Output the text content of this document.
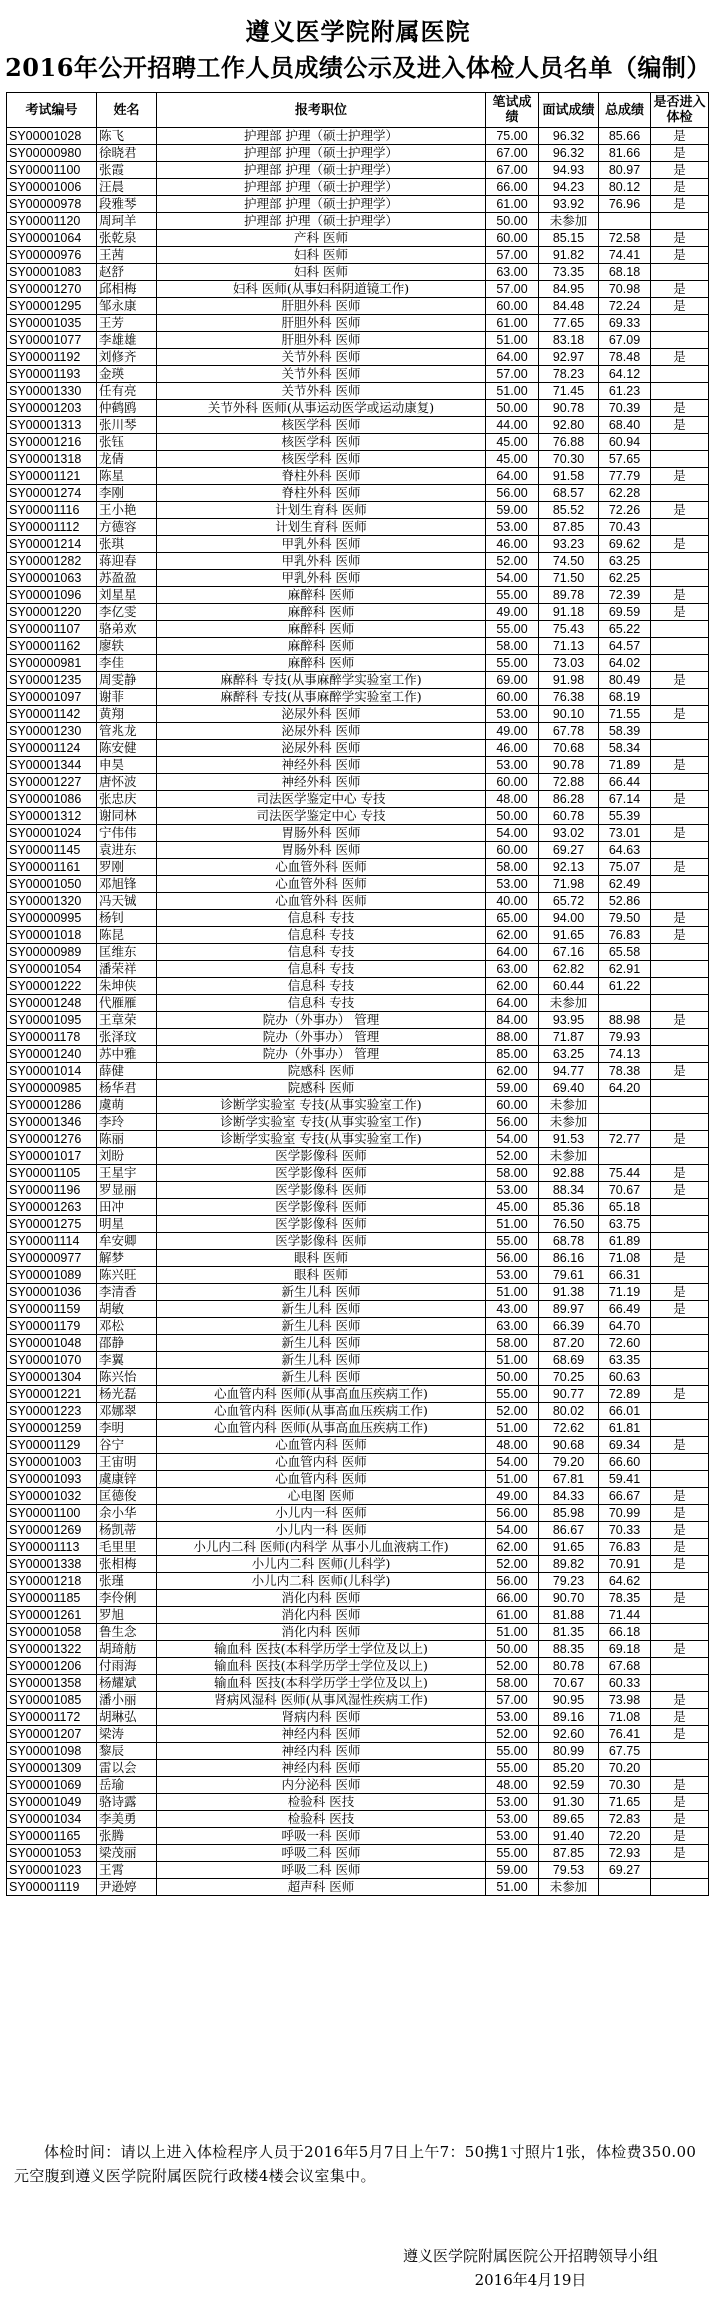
遵义医学院附属医院
2016年公开招聘工作人员成绩公示及进入体检人员名单（编制）
考试编号	姓名	报考职位	笔试成绩	面试成绩	总成绩	是否进入体检
SY00001028	陈飞	护理部 护理（硕士护理学）	75.00	96.32	85.66	是
SY00000980	徐晓君	护理部 护理（硕士护理学）	67.00	96.32	81.66	是
SY00001100	张霞	护理部 护理（硕士护理学）	67.00	94.93	80.97	是
SY00001006	汪晨	护理部 护理（硕士护理学）	66.00	94.23	80.12	是
SY00000978	段雅琴	护理部 护理（硕士护理学）	61.00	93.92	76.96	是
SY00001120	周珂羊	护理部 护理（硕士护理学）	50.00	未参加		
SY00001064	张乾泉	产科 医师	60.00	85.15	72.58	是
SY00000976	王茜	妇科 医师	57.00	91.82	74.41	是
SY00001083	赵舒	妇科 医师	63.00	73.35	68.18	
SY00001270	邱相梅	妇科 医师(从事妇科阴道镜工作)	57.00	84.95	70.98	是
SY00001295	邹永康	肝胆外科 医师	60.00	84.48	72.24	是
SY00001035	王芳	肝胆外科 医师	61.00	77.65	69.33	
SY00001077	李雄雄	肝胆外科 医师	51.00	83.18	67.09	
SY00001192	刘修齐	关节外科 医师	64.00	92.97	78.48	是
SY00001193	金瑛	关节外科 医师	57.00	78.23	64.12	
SY00001330	任有亮	关节外科 医师	51.00	71.45	61.23	
SY00001203	仲鹤鸥	关节外科 医师(从事运动医学或运动康复)	50.00	90.78	70.39	是
SY00001313	张川琴	核医学科 医师	44.00	92.80	68.40	是
SY00001216	张钰	核医学科 医师	45.00	76.88	60.94	
SY00001318	龙倩	核医学科 医师	45.00	70.30	57.65	
SY00001121	陈星	脊柱外科 医师	64.00	91.58	77.79	是
SY00001274	李刚	脊柱外科 医师	56.00	68.57	62.28	
SY00001116	王小艳	计划生育科 医师	59.00	85.52	72.26	是
SY00001112	方德容	计划生育科 医师	53.00	87.85	70.43	
SY00001214	张琪	甲乳外科 医师	46.00	93.23	69.62	是
SY00001282	蒋迎春	甲乳外科 医师	52.00	74.50	63.25	
SY00001063	苏盈盈	甲乳外科 医师	54.00	71.50	62.25	
SY00001096	刘星星	麻醉科 医师	55.00	89.78	72.39	是
SY00001220	李亿雯	麻醉科 医师	49.00	91.18	69.59	是
SY00001107	骆弟欢	麻醉科 医师	55.00	75.43	65.22	
SY00001162	廖轶	麻醉科 医师	58.00	71.13	64.57	
SY00000981	李佳	麻醉科 医师	55.00	73.03	64.02	
SY00001235	周雯静	麻醉科 专技(从事麻醉学实验室工作)	69.00	91.98	80.49	是
SY00001097	谢菲	麻醉科 专技(从事麻醉学实验室工作)	60.00	76.38	68.19	
SY00001142	黄翔	泌尿外科 医师	53.00	90.10	71.55	是
SY00001230	管兆龙	泌尿外科 医师	49.00	67.78	58.39	
SY00001124	陈安健	泌尿外科 医师	46.00	70.68	58.34	
SY00001344	申昊	神经外科 医师	53.00	90.78	71.89	是
SY00001227	唐怀波	神经外科 医师	60.00	72.88	66.44	
SY00001086	张忠庆	司法医学鉴定中心 专技	48.00	86.28	67.14	是
SY00001312	谢同林	司法医学鉴定中心 专技	50.00	60.78	55.39	
SY00001024	宁伟伟	胃肠外科 医师	54.00	93.02	73.01	是
SY00001145	袁进东	胃肠外科 医师	60.00	69.27	64.63	
SY00001161	罗刚	心血管外科 医师	58.00	92.13	75.07	是
SY00001050	邓旭锋	心血管外科 医师	53.00	71.98	62.49	
SY00001320	冯天铖	心血管外科 医师	40.00	65.72	52.86	
SY00000995	杨钊	信息科 专技	65.00	94.00	79.50	是
SY00001018	陈昆	信息科 专技	62.00	91.65	76.83	是
SY00000989	匡维东	信息科 专技	64.00	67.16	65.58	
SY00001054	潘荣祥	信息科 专技	63.00	62.82	62.91	
SY00001222	朱坤侠	信息科 专技	62.00	60.44	61.22	
SY00001248	代雁雁	信息科 专技	64.00	未参加		
SY00001095	王章荣	院办（外事办） 管理	84.00	93.95	88.98	是
SY00001178	张泽玟	院办（外事办） 管理	88.00	71.87	79.93	
SY00001240	苏中雅	院办（外事办） 管理	85.00	63.25	74.13	
SY00001014	薛健	院感科 医师	62.00	94.77	78.38	是
SY00000985	杨华君	院感科 医师	59.00	69.40	64.20	
SY00001286	虞萌	诊断学实验室 专技(从事实验室工作)	60.00	未参加		
SY00001346	李玲	诊断学实验室 专技(从事实验室工作)	56.00	未参加		
SY00001276	陈丽	诊断学实验室 专技(从事实验室工作)	54.00	91.53	72.77	是
SY00001017	刘盼	医学影像科 医师	52.00	未参加		
SY00001105	王星宇	医学影像科 医师	58.00	92.88	75.44	是
SY00001196	罗显丽	医学影像科 医师	53.00	88.34	70.67	是
SY00001263	田冲	医学影像科 医师	45.00	85.36	65.18	
SY00001275	明星	医学影像科 医师	51.00	76.50	63.75	
SY00001114	牟安卿	医学影像科 医师	55.00	68.78	61.89	
SY00000977	解梦	眼科 医师	56.00	86.16	71.08	是
SY00001089	陈兴旺	眼科 医师	53.00	79.61	66.31	
SY00001036	李清香	新生儿科 医师	51.00	91.38	71.19	是
SY00001159	胡敏	新生儿科 医师	43.00	89.97	66.49	是
SY00001179	邓松	新生儿科 医师	63.00	66.39	64.70	
SY00001048	邵静	新生儿科 医师	58.00	87.20	72.60	
SY00001070	李翼	新生儿科 医师	51.00	68.69	63.35	
SY00001304	陈兴怡	新生儿科 医师	50.00	70.25	60.63	
SY00001221	杨光磊	心血管内科 医师(从事高血压疾病工作)	55.00	90.77	72.89	是
SY00001223	邓娜翠	心血管内科 医师(从事高血压疾病工作)	52.00	80.02	66.01	
SY00001259	李明	心血管内科 医师(从事高血压疾病工作)	51.00	72.62	61.81	
SY00001129	谷宁	心血管内科 医师	48.00	90.68	69.34	是
SY00001003	王宙明	心血管内科 医师	54.00	79.20	66.60	
SY00001093	虞康锌	心血管内科 医师	51.00	67.81	59.41	
SY00001032	匡德俊	心电图 医师	49.00	84.33	66.67	是
SY00001100	余小华	小儿内一科 医师	56.00	85.98	70.99	是
SY00001269	杨凯蒂	小儿内一科 医师	54.00	86.67	70.33	是
SY00001113	毛里里	小儿内二科 医师(内科学 从事小儿血液病工作)	62.00	91.65	76.83	是
SY00001338	张相梅	小儿内二科 医师(儿科学)	52.00	89.82	70.91	是
SY00001218	张瑾	小儿内二科 医师(儿科学)	56.00	79.23	64.62	
SY00001185	李伶俐	消化内科 医师	66.00	90.70	78.35	是
SY00001261	罗旭	消化内科 医师	61.00	81.88	71.44	
SY00001058	鲁生念	消化内科 医师	51.00	81.35	66.18	
SY00001322	胡琦舫	输血科 医技(本科学历学士学位及以上)	50.00	88.35	69.18	是
SY00001206	付雨海	输血科 医技(本科学历学士学位及以上)	52.00	80.78	67.68	
SY00001358	杨耀斌	输血科 医技(本科学历学士学位及以上)	58.00	70.67	60.33	
SY00001085	潘小丽	肾病风湿科 医师(从事风湿性疾病工作)	57.00	90.95	73.98	是
SY00001172	胡琳弘	肾病内科 医师	53.00	89.16	71.08	是
SY00001207	梁涛	神经内科 医师	52.00	92.60	76.41	是
SY00001098	黎辰	神经内科 医师	55.00	80.99	67.75	
SY00001309	雷以会	神经内科 医师	55.00	85.20	70.20	
SY00001069	岳瑜	内分泌科 医师	48.00	92.59	70.30	是
SY00001049	骆诗露	检验科 医技	53.00	91.30	71.65	是
SY00001034	李美勇	检验科 医技	53.00	89.65	72.83	是
SY00001165	张腾	呼吸一科 医师	53.00	91.40	72.20	是
SY00001053	梁茂丽	呼吸二科 医师	55.00	87.85	72.93	是
SY00001023	王霄	呼吸二科 医师	59.00	79.53	69.27	
SY00001119	尹逊婷	超声科 医师	51.00	未参加		
体检时间：请以上进入体检程序人员于2016年5月7日上午7：50携1寸照片1张，体检费350.00元空腹到遵义医学院附属医院行政楼4楼会议室集中。
遵义医学院附属医院公开招聘领导小组
2016年4月19日
